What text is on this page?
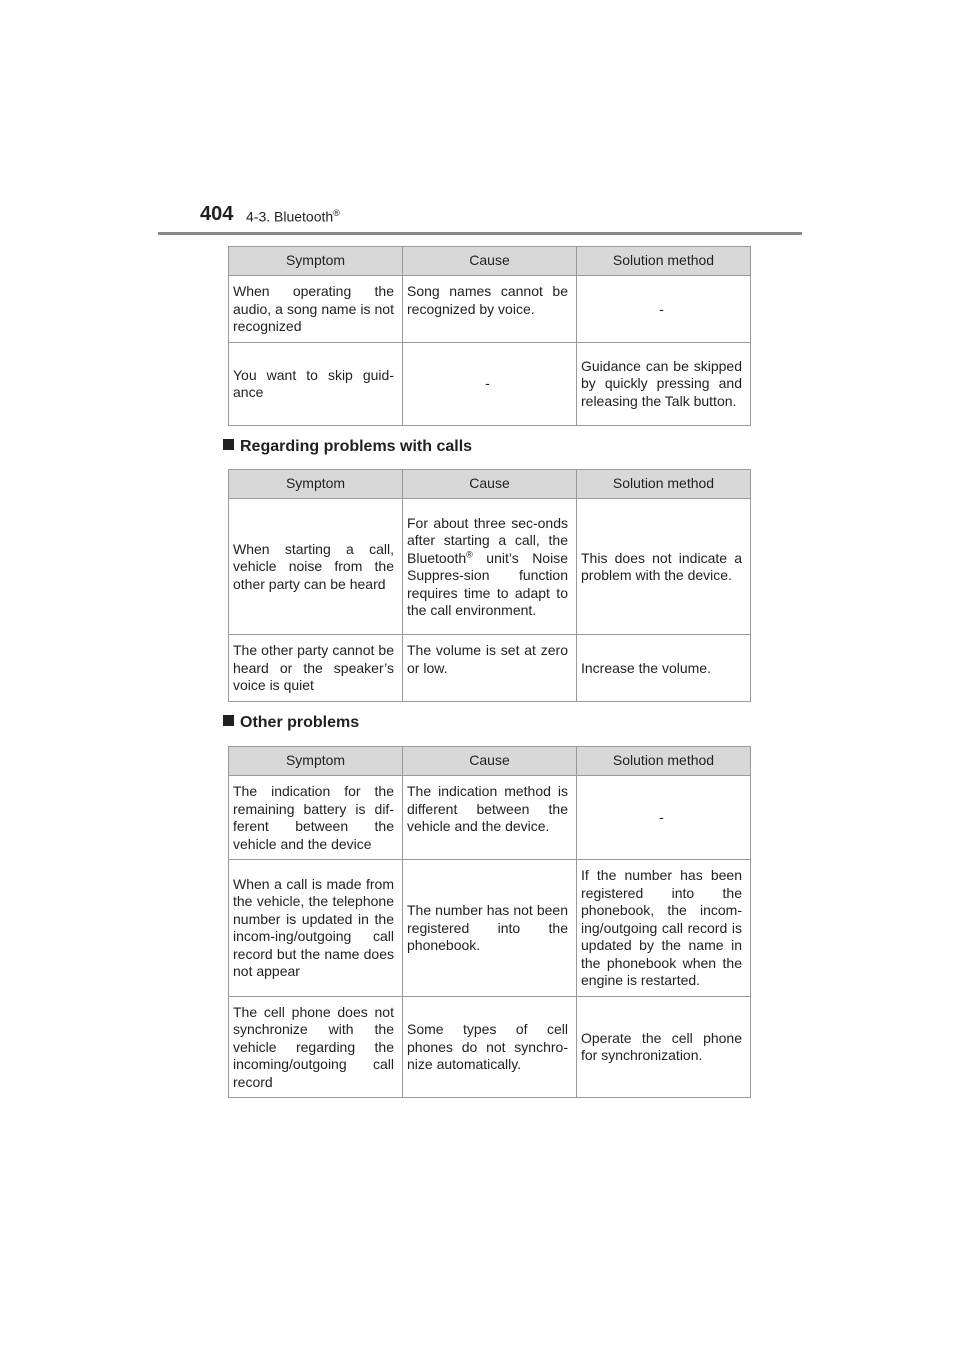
404 4-3. Bluetooth®
Symptom	Cause	Solution method
When operating the audio, a song name is not recognized	Song names cannot be recognized by voice.	-
You want to skip guid-ance	-	Guidance can be skipped by quickly pressing and releasing the Talk button.
Regarding problems with calls
Symptom	Cause	Solution method
When starting a call, vehicle noise from the other party can be heard	For about three sec-onds after starting a call, the Bluetooth® unit’s Noise Suppres-sion function requires time to adapt to the call environment.	This does not indicate a problem with the device.
The other party cannot be heard or the speaker’s voice is quiet	The volume is set at zero or low.	Increase the volume.
Other problems
Symptom	Cause	Solution method
The indication for the remaining battery is dif-ferent between the vehicle and the device	The indication method is different between the vehicle and the device.	-
When a call is made from the vehicle, the telephone number is updated in the incom-ing/outgoing call record but the name does not appear	The number has not been registered into the phonebook.	If the number has been registered into the phonebook, the incom-ing/outgoing call record is updated by the name in the phonebook when the engine is restarted.
The cell phone does not synchronize with the vehicle regarding the incoming/outgoing call record	Some types of cell phones do not synchro-nize automatically.	Operate the cell phone for synchronization.
